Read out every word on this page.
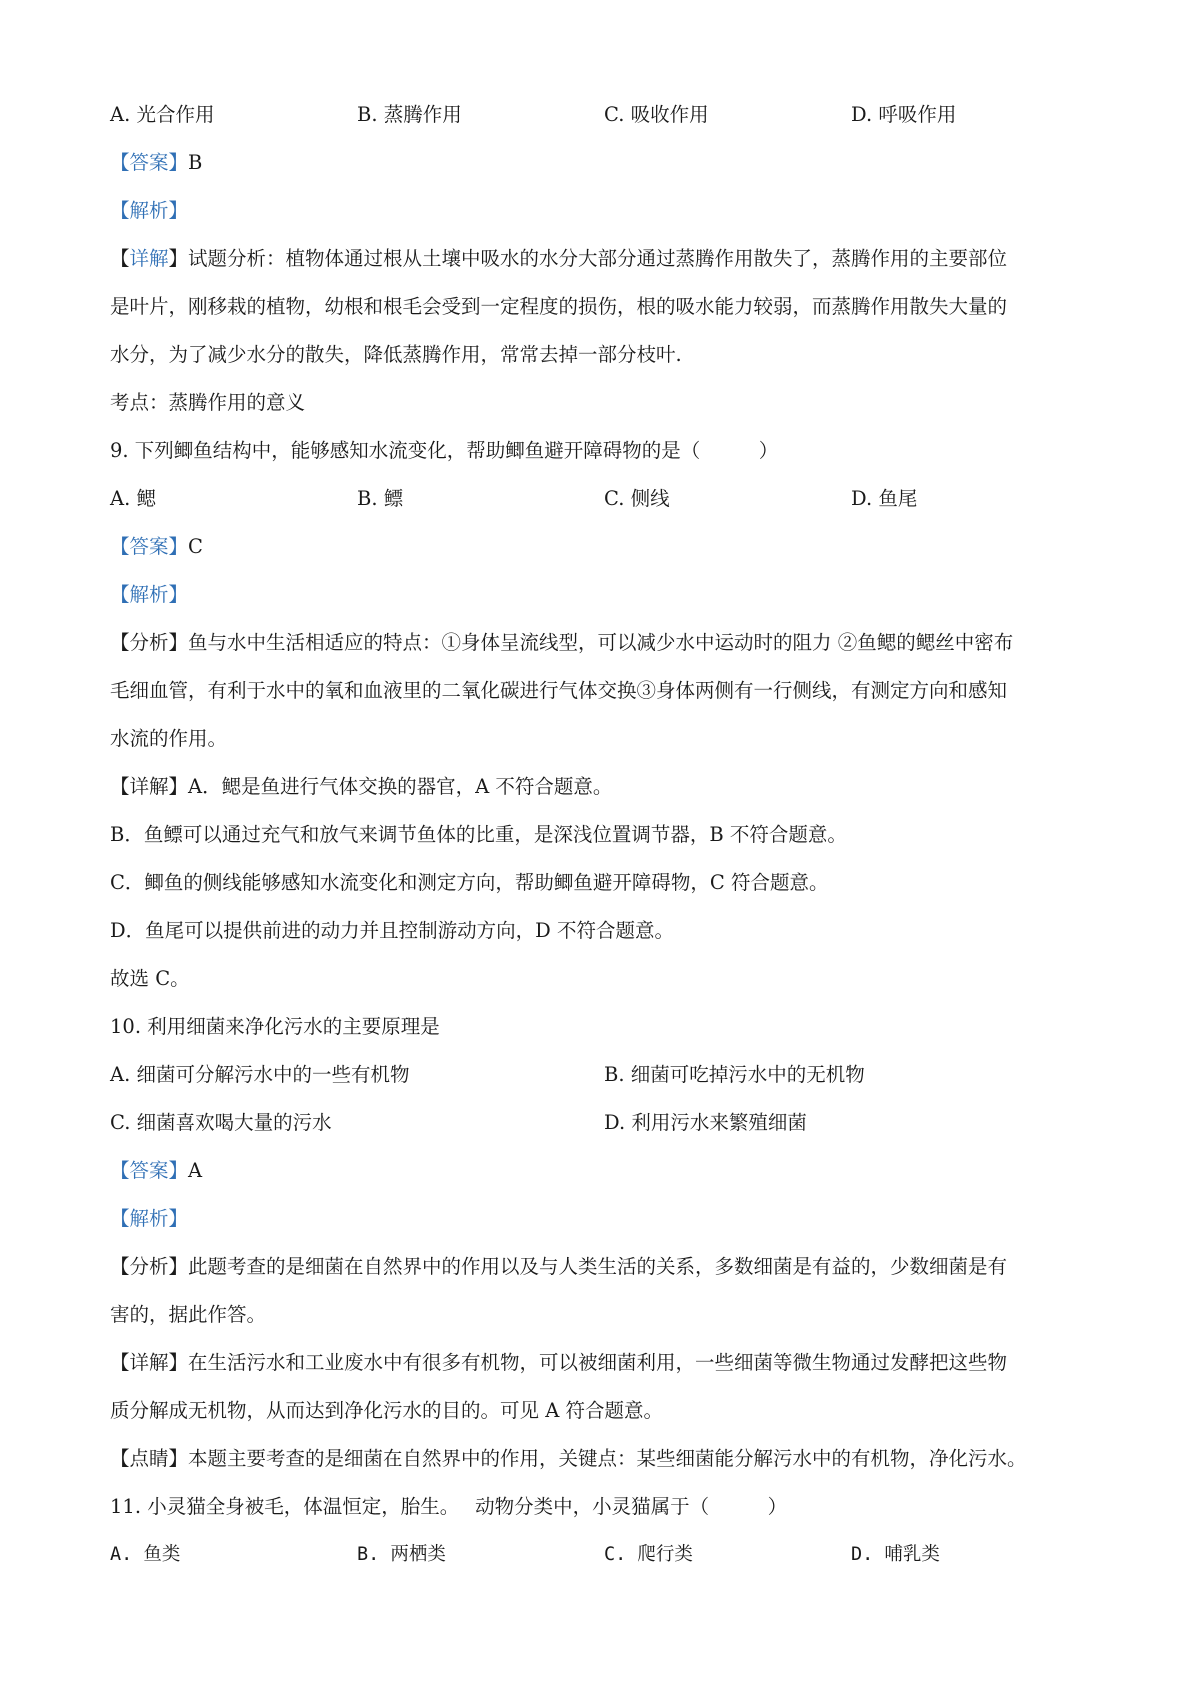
A. 光合作用	B. 蒸腾作用	C. 吸收作用	D. 呼吸作用
【答案】B
【解析】
【详解】试题分析：植物体通过根从土壤中吸水的水分大部分通过蒸腾作用散失了，蒸腾作用的主要部位
是叶片，刚移栽的植物，幼根和根毛会受到一定程度的损伤，根的吸水能力较弱，而蒸腾作用散失大量的
水分，为了减少水分的散失，降低蒸腾作用，常常去掉一部分枝叶.
考点：蒸腾作用的意义
9. 下列鲫鱼结构中，能够感知水流变化，帮助鲫鱼避开障碍物的是（　　　）
A. 鳃	B. 鳔	C. 侧线	D. 鱼尾
【答案】C
【解析】
【分析】鱼与水中生活相适应的特点：①身体呈流线型，可以减少水中运动时的阻力 ②鱼鳃的鳃丝中密布
毛细血管，有利于水中的氧和血液里的二氧化碳进行气体交换③身体两侧有一行侧线，有测定方向和感知
水流的作用。
【详解】A．鳃是鱼进行气体交换的器官，A 不符合题意。
B．鱼鳔可以通过充气和放气来调节鱼体的比重，是深浅位置调节器，B 不符合题意。
C．鲫鱼的侧线能够感知水流变化和测定方向，帮助鲫鱼避开障碍物，C 符合题意。
D．鱼尾可以提供前进的动力并且控制游动方向，D 不符合题意。
故选 C。
10. 利用细菌来净化污水的主要原理是
A. 细菌可分解污水中的一些有机物	B. 细菌可吃掉污水中的无机物
C. 细菌喜欢喝大量的污水	D. 利用污水来繁殖细菌
【答案】A
【解析】
【分析】此题考查的是细菌在自然界中的作用以及与人类生活的关系，多数细菌是有益的，少数细菌是有
害的，据此作答。
【详解】在生活污水和工业废水中有很多有机物，可以被细菌利用，一些细菌等微生物通过发酵把这些物
质分解成无机物，从而达到净化污水的目的。可见 A 符合题意。
【点睛】本题主要考查的是细菌在自然界中的作用，关键点：某些细菌能分解污水中的有机物，净化污水。
11. 小灵猫全身被毛，体温恒定，胎生。　 动物分类中，小灵猫属于（　　　）
A. 鱼类	B. 两栖类	C. 爬行类	D. 哺乳类
